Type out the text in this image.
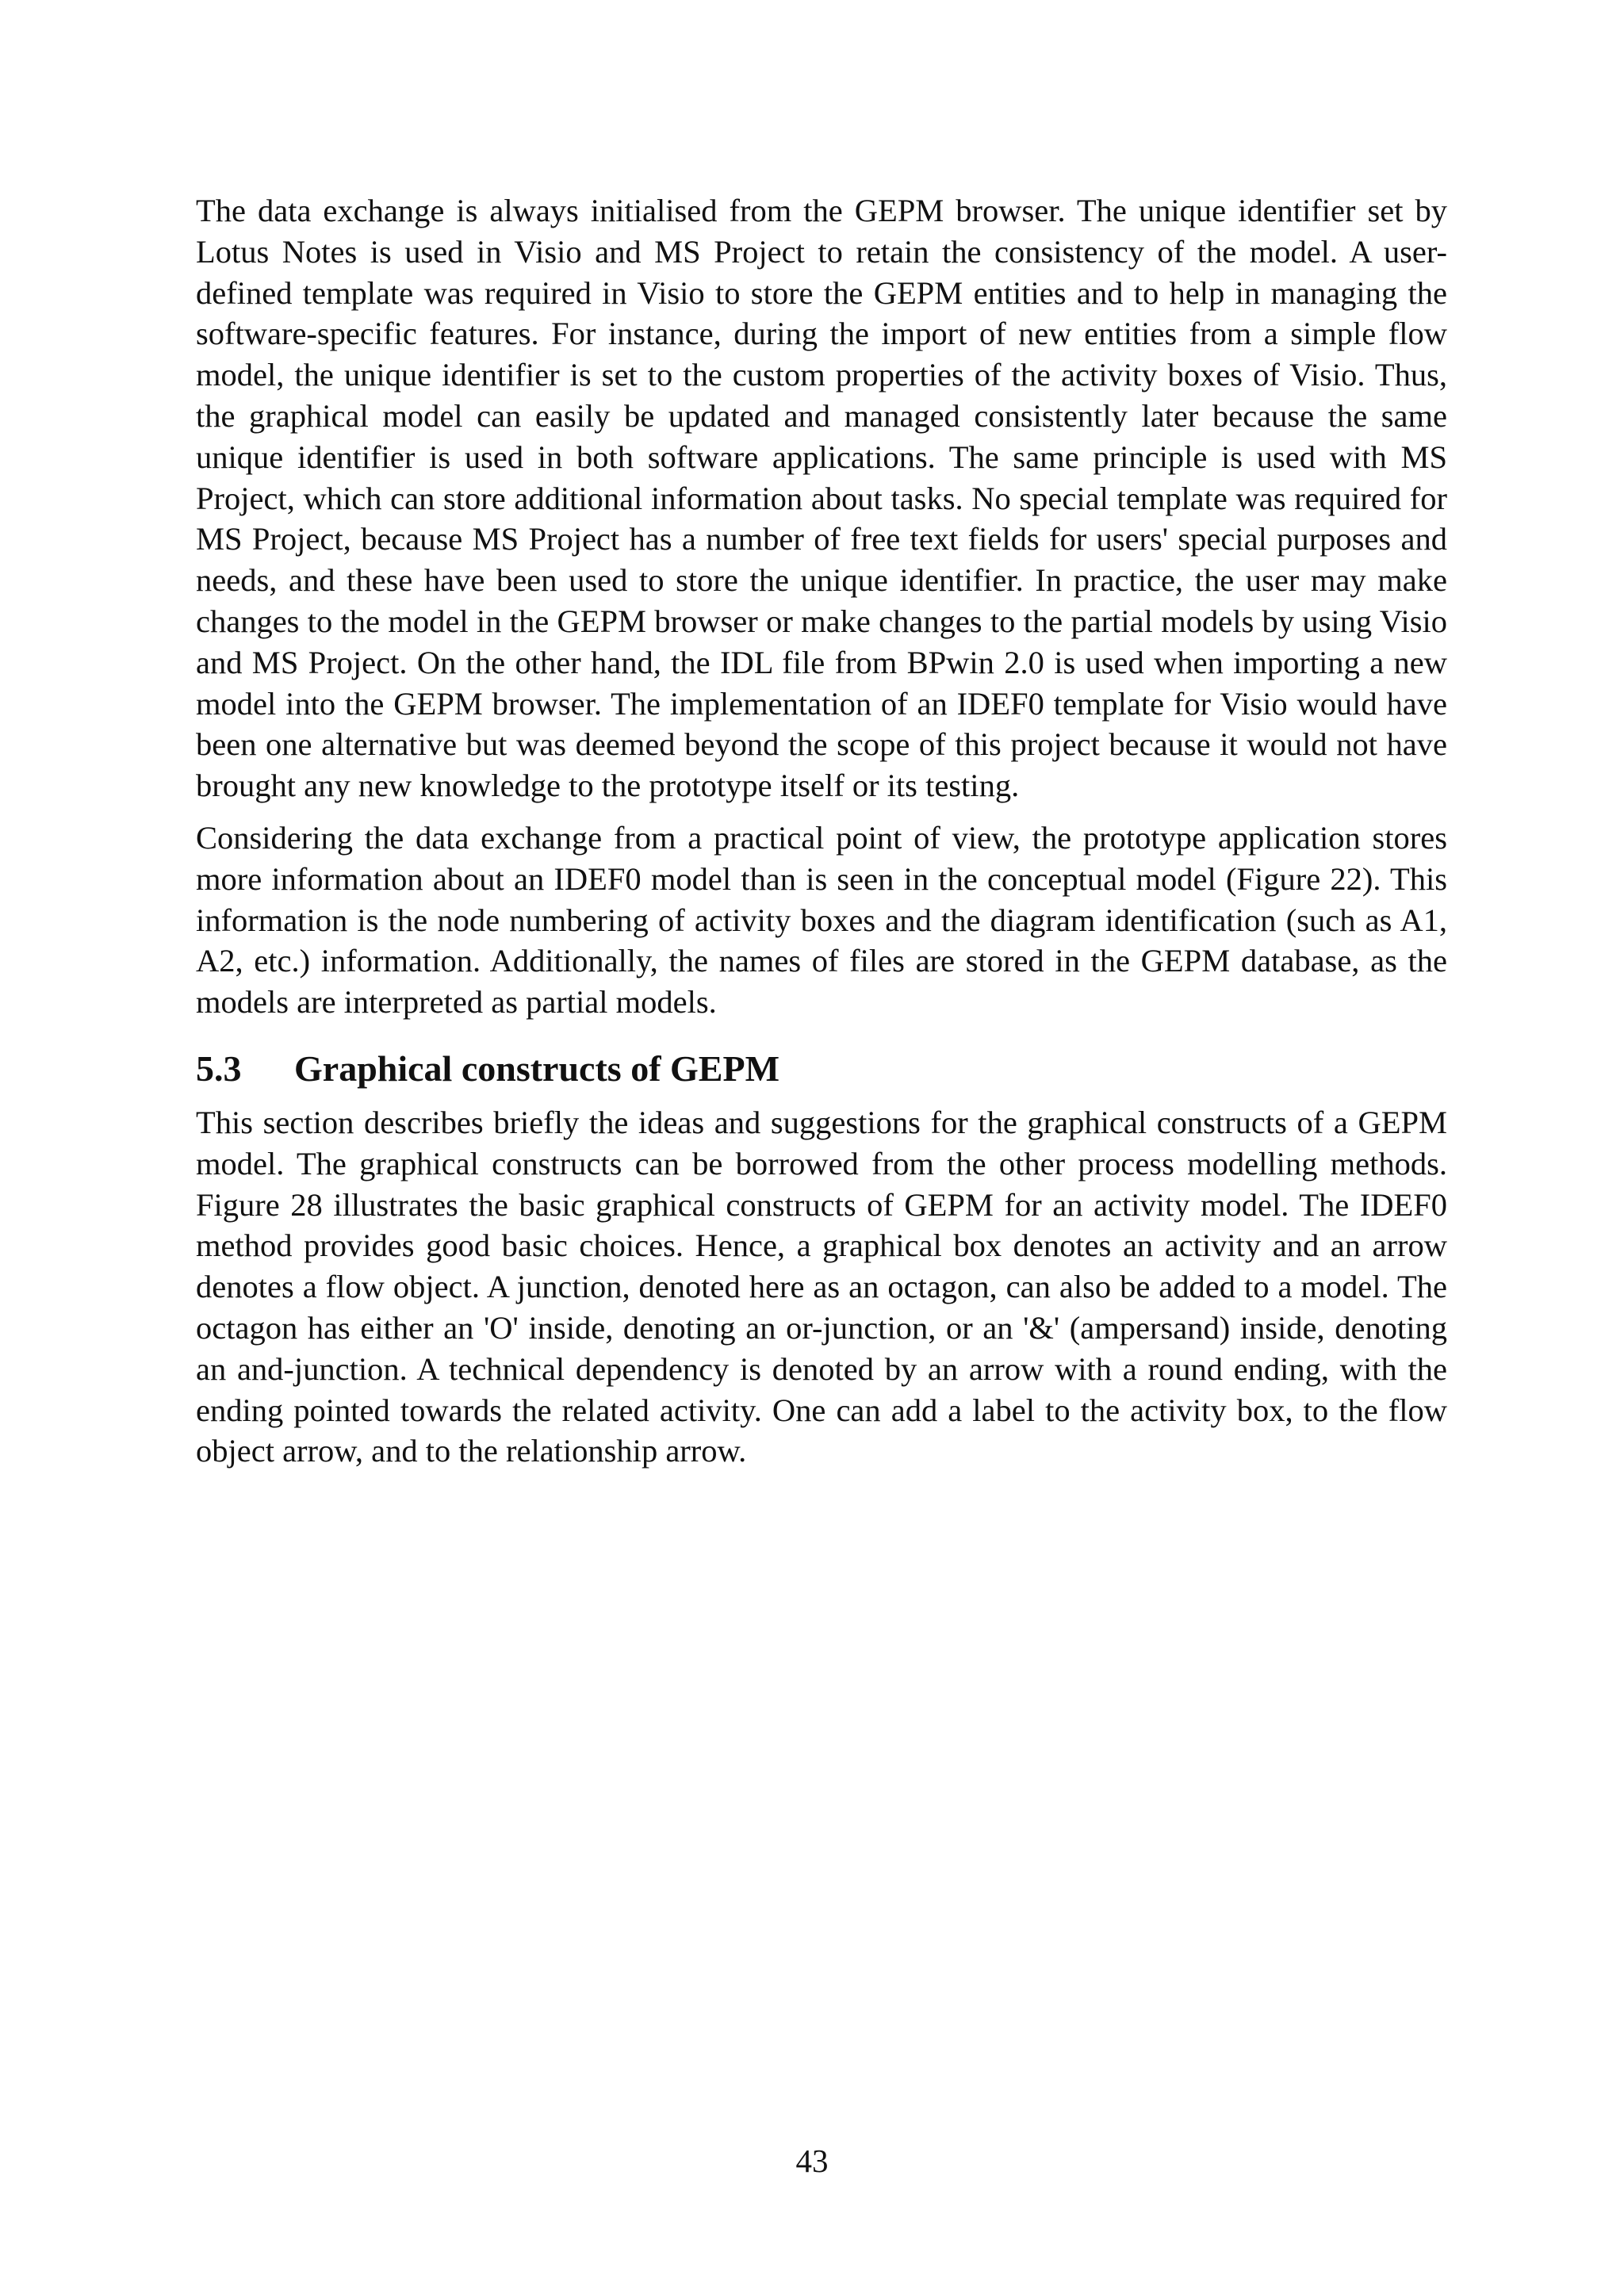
The data exchange is always initialised from the GEPM browser. The unique identifier set by Lotus Notes is used in Visio and MS Project to retain the consistency of the model. A user-defined template was required in Visio to store the GEPM entities and to help in managing the software-specific features. For instance, during the import of new entities from a simple flow model, the unique identifier is set to the custom properties of the activity boxes of Visio. Thus, the graphical model can easily be updated and managed consistently later because the same unique identifier is used in both software applications. The same principle is used with MS Project, which can store additional information about tasks. No special template was required for MS Project, because MS Project has a number of free text fields for users' special purposes and needs, and these have been used to store the unique identifier. In practice, the user may make changes to the model in the GEPM browser or make changes to the partial models by using Visio and MS Project. On the other hand, the IDL file from BPwin 2.0 is used when importing a new model into the GEPM browser. The implementation of an IDEF0 template for Visio would have been one alternative but was deemed beyond the scope of this project because it would not have brought any new knowledge to the prototype itself or its testing.

Considering the data exchange from a practical point of view, the prototype application stores more information about an IDEF0 model than is seen in the conceptual model (Figure 22). This information is the node numbering of activity boxes and the diagram identification (such as A1, A2, etc.) information. Additionally, the names of files are stored in the GEPM database, as the models are interpreted as partial models.

5.3	Graphical constructs of GEPM

This section describes briefly the ideas and suggestions for the graphical constructs of a GEPM model. The graphical constructs can be borrowed from the other process modelling methods. Figure 28 illustrates the basic graphical constructs of GEPM for an activity model. The IDEF0 method provides good basic choices. Hence, a graphical box denotes an activity and an arrow denotes a flow object. A junction, denoted here as an octagon, can also be added to a model. The octagon has either an 'O' inside, denoting an or-junction, or an '&' (ampersand) inside, denoting an and-junction. A technical dependency is denoted by an arrow with a round ending, with the ending pointed towards the related activity. One can add a label to the activity box, to the flow object arrow, and to the relationship arrow.

43
